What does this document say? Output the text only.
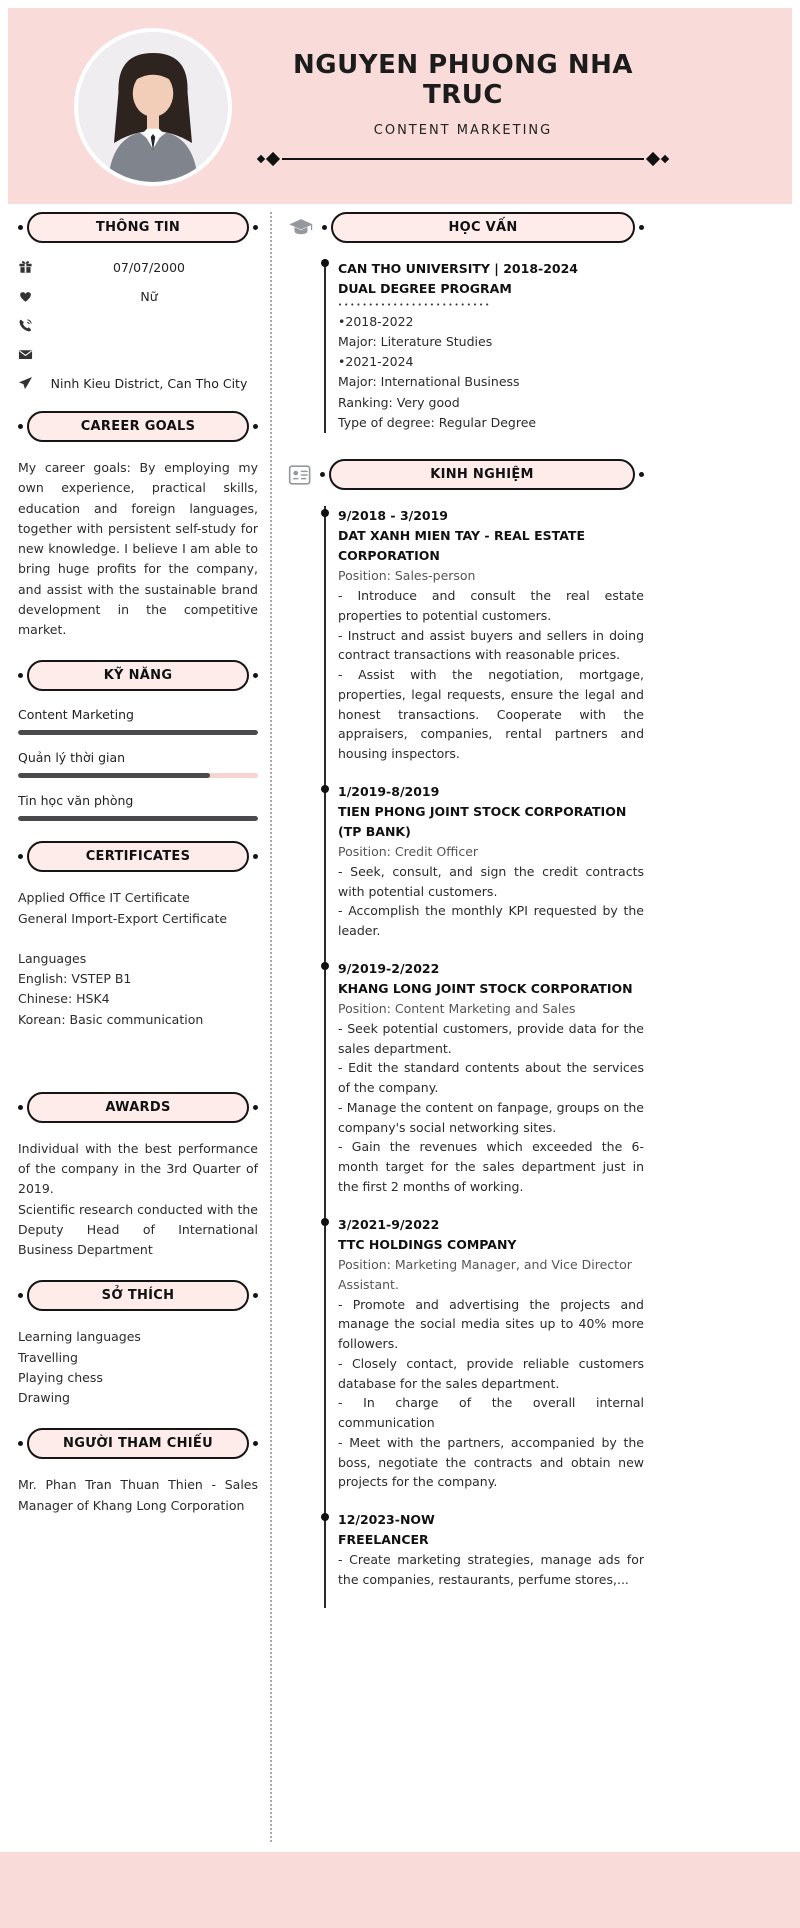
NGUYEN PHUONG NHA TRUC
CONTENT MARKETING
THÔNG TIN
07/07/2000
Nữ
Ninh Kieu District, Can Tho City
CAREER GOALS

My career goals: By employing my own experience, practical skills, education and foreign languages, together with persistent self-study for new knowledge. I believe I am able to bring huge profits for the company, and assist with the sustainable brand development in the competitive market.

KỸ NĂNG
Content Marketing
Quản lý thời gian
Tin học văn phòng
CERTIFICATES
Applied Office IT Certificate
General Import-Export Certificate
Languages
English: VSTEP B1
Chinese: HSK4
Korean: Basic communication
AWARDS

Individual with the best performance of the company in the 3rd Quarter of 2019.

Scientific research conducted with the Deputy Head of International Business Department

SỞ THÍCH
Learning languages
Travelling
Playing chess
Drawing
NGƯỜI THAM CHIẾU

Mr. Phan Tran Thuan Thien - Sales Manager of Khang Long Corporation

HỌC VẤN
CAN THO UNIVERSITY | 2018-2024
DUAL DEGREE PROGRAM
•••••••••••••••••••••••••
•2018-2022
Major: Literature Studies
•2021-2024
Major: International Business
Ranking: Very good
Type of degree: Regular Degree
KINH NGHIỆM
9/2018 - 3/2019
DAT XANH MIEN TAY - REAL ESTATE CORPORATION
Position: Sales-person
- Introduce and consult the real estate properties to potential customers.
- Instruct and assist buyers and sellers in doing contract transactions with reasonable prices.
- Assist with the negotiation, mortgage, properties, legal requests, ensure the legal and honest transactions. Cooperate with the appraisers, companies, rental partners and housing inspectors.
1/2019-8/2019
TIEN PHONG JOINT STOCK CORPORATION (TP BANK)
Position: Credit Officer
- Seek, consult, and sign the credit contracts with potential customers.
- Accomplish the monthly KPI requested by the leader.
9/2019-2/2022
KHANG LONG JOINT STOCK CORPORATION
Position: Content Marketing and Sales
- Seek potential customers, provide data for the sales department.
- Edit the standard contents about the services of the company.
- Manage the content on fanpage, groups on the company's social networking sites.
- Gain the revenues which exceeded the 6-month target for the sales department just in the first 2 months of working.
3/2021-9/2022
TTC HOLDINGS COMPANY
Position: Marketing Manager, and Vice Director Assistant.
- Promote and advertising the projects and manage the social media sites up to 40% more followers.
- Closely contact, provide reliable customers database for the sales department.
- In charge of the overall internal communication
- Meet with the partners, accompanied by the boss, negotiate the contracts and obtain new projects for the company.
12/2023-NOW
FREELANCER
- Create marketing strategies, manage ads for the companies, restaurants, perfume stores,...
